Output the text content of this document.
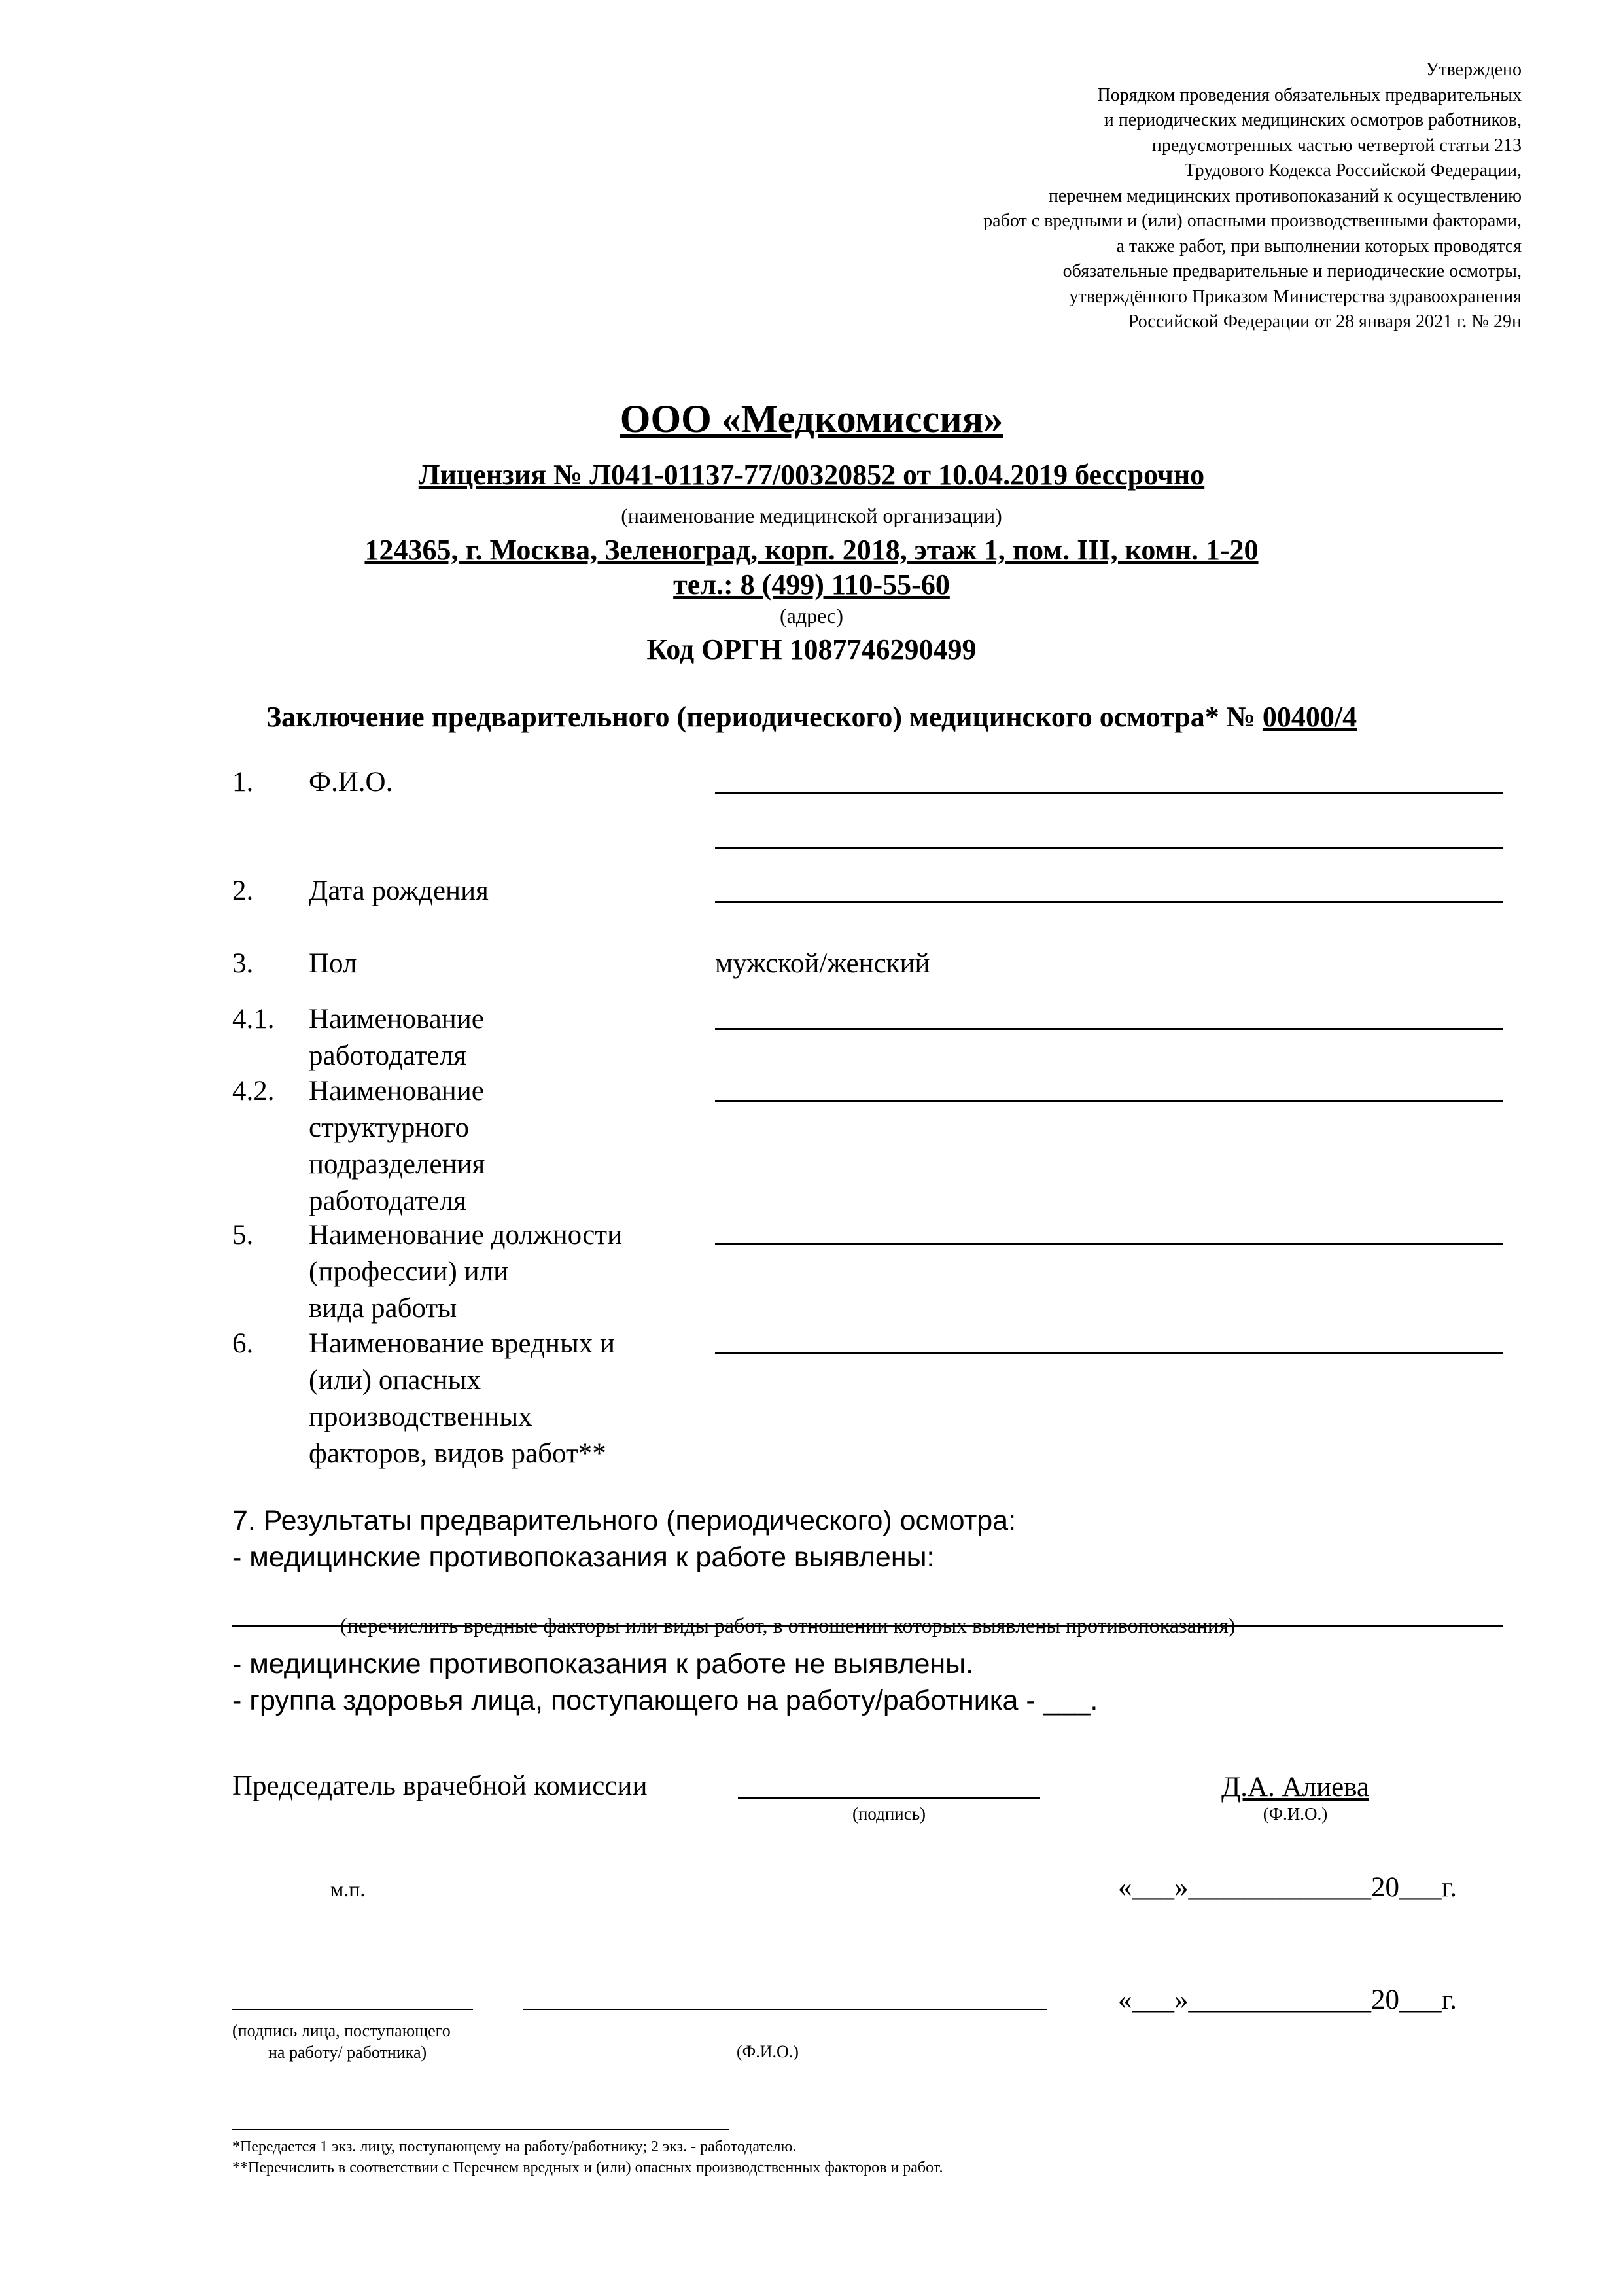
Утверждено
Порядком проведения обязательных предварительных
и периодических медицинских осмотров работников,
предусмотренных частью четвертой статьи 213
Трудового Кодекса Российской Федерации,
перечнем медицинских противопоказаний к осуществлению
работ с вредными и (или) опасными производственными факторами,
а также работ, при выполнении которых проводятся
обязательные предварительные и периодические осмотры,
утверждённого Приказом Министерства здравоохранения
Российской Федерации от 28 января 2021 г. № 29н
ООО «Медкомиссия»
Лицензия № Л041-01137-77/00320852 от 10.04.2019 бессрочно
(наименование медицинской организации)
124365, г. Москва, Зеленоград, корп. 2018, этаж 1, пом. III, комн. 1-20
тел.: 8 (499) 110-55-60
(адрес)
Код ОРГН 1087746290499
Заключение предварительного (периодического) медицинского осмотра* № 00400/4
1. Ф.И.О.
2. Дата рождения
3. Пол	мужской/женский
4.1. Наименование
работодателя
4.2. Наименование
структурного
подразделения
работодателя
5. Наименование должности
(профессии) или
вида работы
6. Наименование вредных и
(или) опасных
производственных
факторов, видов работ**
7. Результаты предварительного (периодического) осмотра:
- медицинские противопоказания к работе выявлены:
(перечислить вредные факторы или виды работ, в отношении которых выявлены противопоказания)
- медицинские противопоказания к работе не выявлены.
- группа здоровья лица, поступающего на работу/работника - ___.
Председатель врачебной комиссии
(подпись)
Д.А. Алиева
(Ф.И.О.)
м.п.	«___»_____________20___г.
«___»_____________20___г.
(подпись лица, поступающего
на работу/ работника)	(Ф.И.О.)
*Передается 1 экз. лицу, поступающему на работу/работнику; 2 экз. - работодателю.
**Перечислить в соответствии с Перечнем вредных и (или) опасных производственных факторов и работ.
